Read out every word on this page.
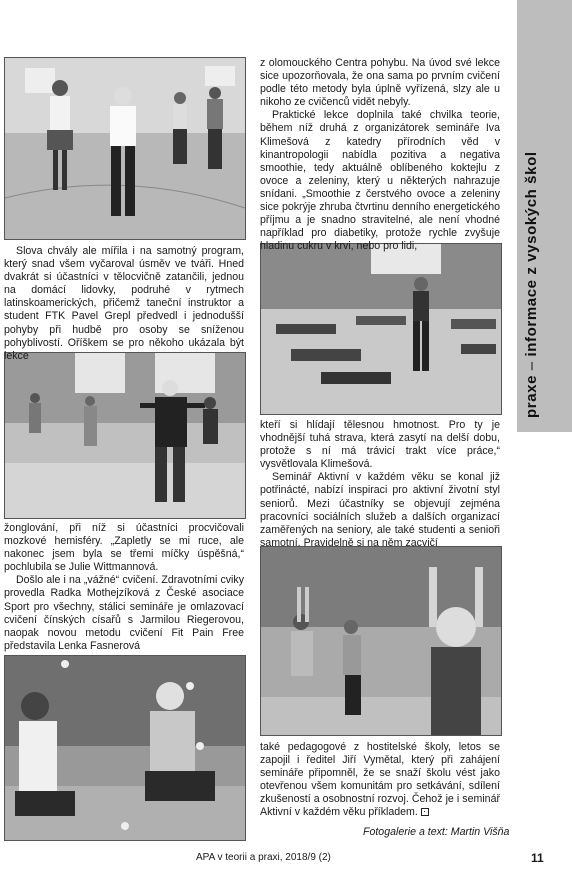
praxe – informace z vysokých škol

Slova chvály ale mířila i na samotný program, který snad všem vyčaroval úsměv ve tváři. Hned dvakrát si účastníci v tělocvičně zatančili, jednou na domácí lidovky, podruhé v rytmech latinskoamerických, přičemž taneční instruktor a student FTK Pavel Grepl předvedl i jednodušší pohyby při hudbě pro osoby se sníženou pohyblivostí. Oříškem se pro někoho ukázala být lekce

žonglování, při níž si účastníci procvičovali mozkové hemisféry. „Zapletly se mi ruce, ale nakonec jsem byla se třemi míčky úspěšná,“ pochlubila se Julie Wittmannová.

Došlo ale i na „vážné“ cvičení. Zdravotními cviky provedla Radka Mothejzíková z České asociace Sport pro všechny, stálici semináře je omlazovací cvičení čínských císařů s Jarmilou Riegerovou, naopak novou metodu cvičení Fit Pain Free představila Lenka Fasnerová

z olomouckého Centra pohybu. Na úvod své lekce sice upozorňovala, že ona sama po prvním cvičení podle této metody byla úplně vyřízená, slzy ale u nikoho ze cvičenců vidět nebyly.

Praktické lekce doplnila také chvilka teorie, během níž druhá z organizátorek semináře Iva Klimešová z katedry přírodních věd v kinantropologii nabídla pozitiva a negativa smoothie, tedy aktuálně oblíbeného koktejlu z ovoce a zeleniny, který u některých nahrazuje snídani. „Smoothie z čerstvého ovoce a zeleniny sice pokrýje zhruba čtvrtinu denního energetického příjmu a je snadno stravitelné, ale není vhodné například pro diabetiky, protože rychle zvyšuje hladinu cukru v krvi, nebo pro lidi,

kteří si hlídají tělesnou hmotnost. Pro ty je vhodnější tuhá strava, která zasytí na delší dobu, protože s ní má trávicí trakt více práce,“ vysvětlovala Klimešová.

Seminář Aktivní v každém věku se konal již potřinácté, nabízí inspiraci pro aktivní životní styl seniorů. Mezi účastníky se objevují zejména pracovníci sociálních služeb a dalších organizací zaměřených na seniory, ale také studenti a senioři samotní. Pravidelně si na něm zacvičí

také pedagogové z hostitelské školy, letos se zapojil i ředitel Jiří Vymětal, který při zahájení semináře připomněl, že se snaží školu vést jako otevřenou všem komunitám pro setkávání, sdílení zkušeností a osobnostní rozvoj. Čehož je i seminář Aktivní v každém věku příkladem.

Fotogalerie a text: Martin Višňa
APA v teorii a praxi, 2018/9 (2)	11
